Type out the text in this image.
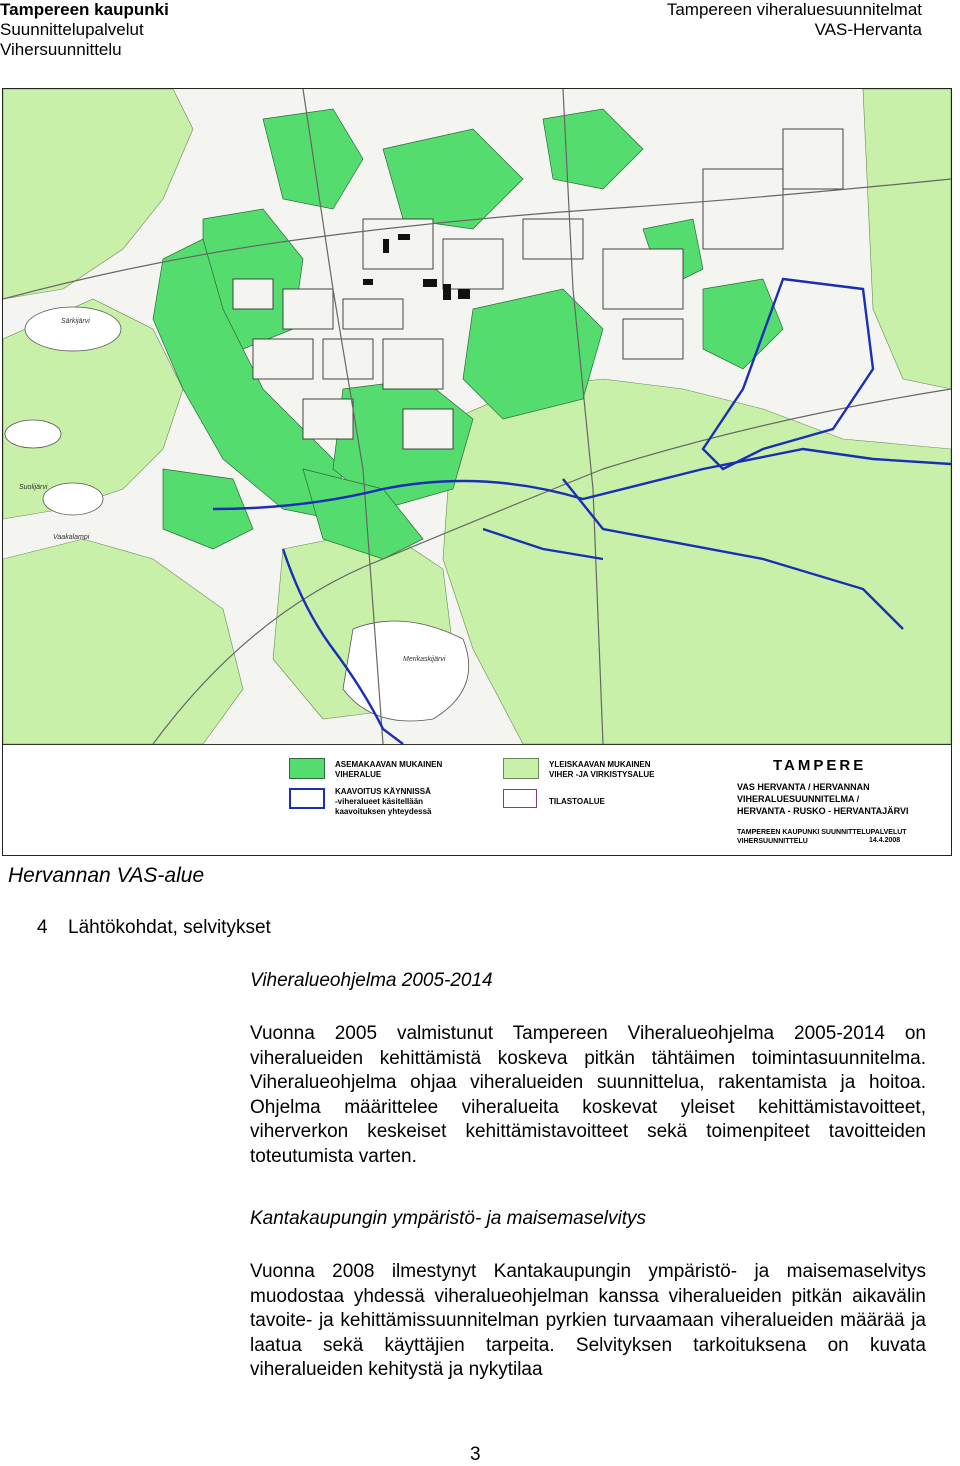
Tampereen kaupunki
Suunnittelupalvelut
Vihersuunnittelu
Tampereen viheraluesuunnitelmat
VAS-Hervanta
Särkijärvi
Suolijärvi
Vaakalampi
Merikaskijärvi
ASEMAKAAVAN MUKAINEN
VIHERALUE
KAAVOITUS KÄYNNISSÄ
-viheralueet käsitellään
kaavoituksen yhteydessä
YLEISKAAVAN MUKAINEN
VIHER -JA VIRKISTYSALUE
TILASTOALUE
TAMPERE
VAS HERVANTA / HERVANNAN
VIHERALUESUUNNITELMA /
HERVANTA - RUSKO - HERVANTAJÄRVI
TAMPEREEN KAUPUNKI SUUNNITTELUPALVELUT
VIHERSUUNNITTELU	14.4.2008
Hervannan VAS-alue
4 Lähtökohdat, selvitykset
Viheralueohjelma 2005-2014
Vuonna 2005 valmistunut Tampereen Viheralueohjelma 2005-2014 on viheralueiden kehittämistä koskeva pitkän tähtäimen toimintasuunnitelma. Viheralueohjelma ohjaa viheralueiden suunnittelua, rakentamista ja hoitoa. Ohjelma määrittelee viheralueita koskevat yleiset kehittämistavoitteet, viherverkon keskeiset kehittämistavoitteet sekä toimenpiteet tavoitteiden toteutumista varten.
Kantakaupungin ympäristö- ja maisemaselvitys
Vuonna 2008 ilmestynyt Kantakaupungin ympäristö- ja maisemaselvitys muodostaa yhdessä viheralueohjelman kanssa viheralueiden pitkän aikavälin tavoite- ja kehittämissuunnitelman pyrkien turvaamaan viheralueiden määrää ja laatua sekä käyttäjien tarpeita. Selvityksen tarkoituksena on kuvata viheralueiden kehitystä ja nykytilaa
3
